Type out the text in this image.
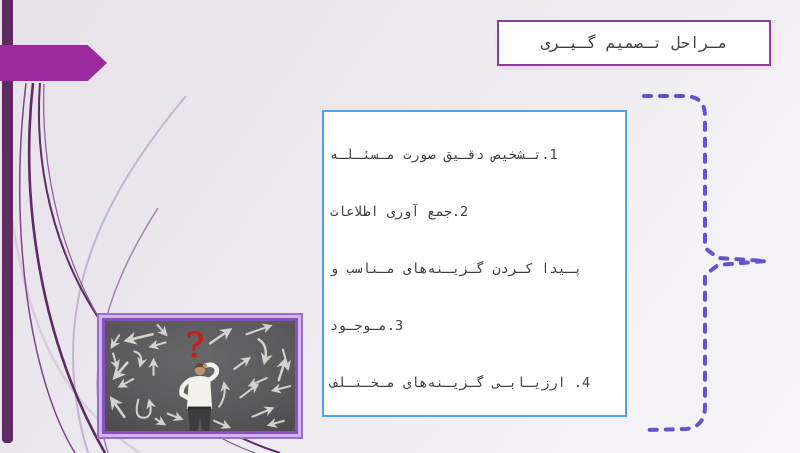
مـراحل تـصمیم گـیـری

1.تـشخیص دقـیق صورت مـسئـلـه

2.جمع آوری اطلاعات

پـیدا کـردن گـزیـنه‌های مـناسب و

3.مـوجـود

4. ارزیـابـی گـزیـنه‌های مـخـتـلف

?
